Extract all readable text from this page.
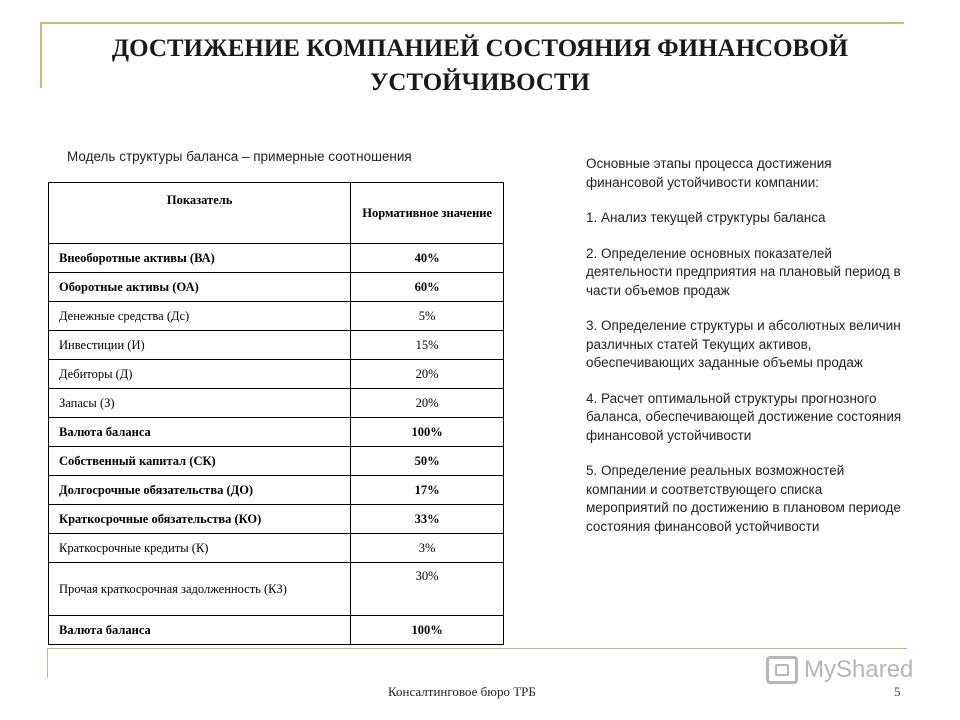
ДОСТИЖЕНИЕ КОМПАНИЕЙ СОСТОЯНИЯ ФИНАНСОВОЙ УСТОЙЧИВОСТИ
Модель структуры баланса – примерные соотношения
Показатель	Нормативное значение
Внеоборотные активы (ВА)	40%
Оборотные активы (ОА)	60%
Денежные средства (Дс)	5%
Инвестиции (И)	15%
Дебиторы (Д)	20%
Запасы (З)	20%
Валюта баланса	100%
Собственный капитал (СК)	50%
Долгосрочные обязательства (ДО)	17%
Краткосрочные обязательства (КО)	33%
Краткосрочные кредиты (К)	3%
Прочая краткосрочная задолженность (КЗ)	30%
Валюта баланса	100%

Основные этапы процесса достижения финансовой устойчивости компании:

1. Анализ текущей структуры баланса

2. Определение основных показателей деятельности предприятия на плановый период в части объемов продаж

3. Определение структуры и абсолютных величин различных статей Текущих активов, обеспечивающих заданные объемы продаж

4. Расчет оптимальной структуры прогнозного баланса, обеспечивающей достижение состояния финансовой устойчивости

5. Определение реальных возможностей компании и соответствующего списка мероприятий по достижению в плановом периоде состояния финансовой устойчивости

MyShared
Консалтинговое бюро ТРБ	5
